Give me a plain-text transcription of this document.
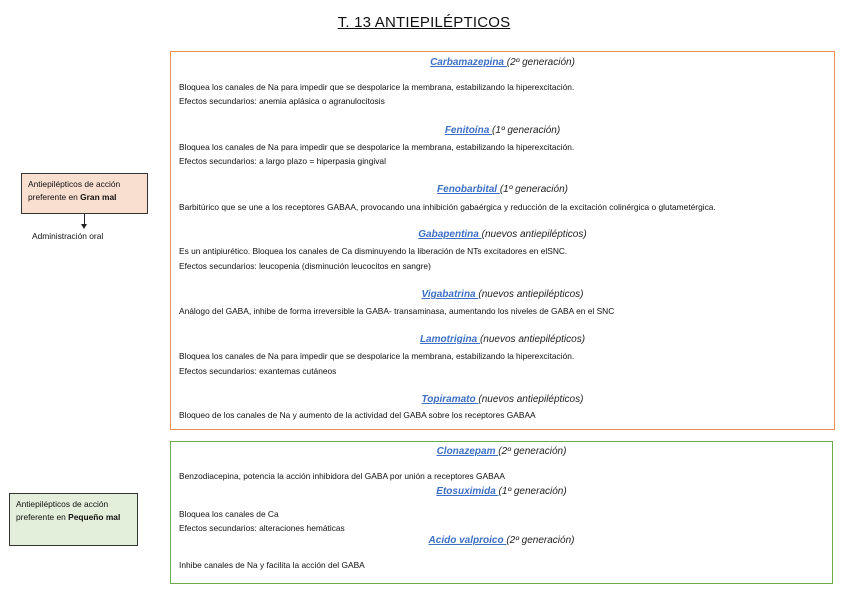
T. 13 ANTIEPILÉPTICOS
Antiepilépticos de acción preferente en Gran mal
Administración oral
Carbamazepina (2º generación)
Bloquea los canales de Na para impedir que se despolarice la membrana, estabilizando la hiperexcitación.
Efectos secundarios: anemia aplásica o agranulocitosis
Fenitoína (1º generación)
Bloquea los canales de Na para impedir que se despolarice la membrana, estabilizando la hiperexcitación.
Efectos secundarios: a largo plazo = hiperpasia gingival
Fenobarbital (1º generación)
Barbitúrico que se une a los receptores GABAA, provocando una inhibición gabaérgica y reducción de la excitación colinérgica o glutametérgica.
Gabapentina (nuevos antiepilépticos)
Es un antipiurético. Bloquea los canales de Ca disminuyendo la liberación de NTs excitadores en elSNC.
Efectos secundarios: leucopenia (disminución leucocitos en sangre)
Vigabatrina (nuevos antiepilépticos)
Análogo del GABA, inhibe de forma irreversible la GABA- transaminasa, aumentando los niveles de GABA en el SNC
Lamotrigina (nuevos antiepilépticos)
Bloquea los canales de Na para impedir que se despolarice la membrana, estabilizando la hiperexcitación.
Efectos secundarios: exantemas cutáneos
Topiramato (nuevos antiepilépticos)
Bloqueo de los canales de Na y aumento de la actividad del GABA sobre los receptores GABAA
Antiepilépticos de acción preferente en Pequeño mal
Clonazepam (2º generación)
Benzodiacepina, potencia la acción inhibidora del GABA por unión a receptores GABAA
Etosuximida (1º generación)
Bloquea los canales de Ca
Efectos secundarios: alteraciones hemáticas
Acido valproico (2º generación)
Inhibe canales de Na y facilita la acción del GABA
